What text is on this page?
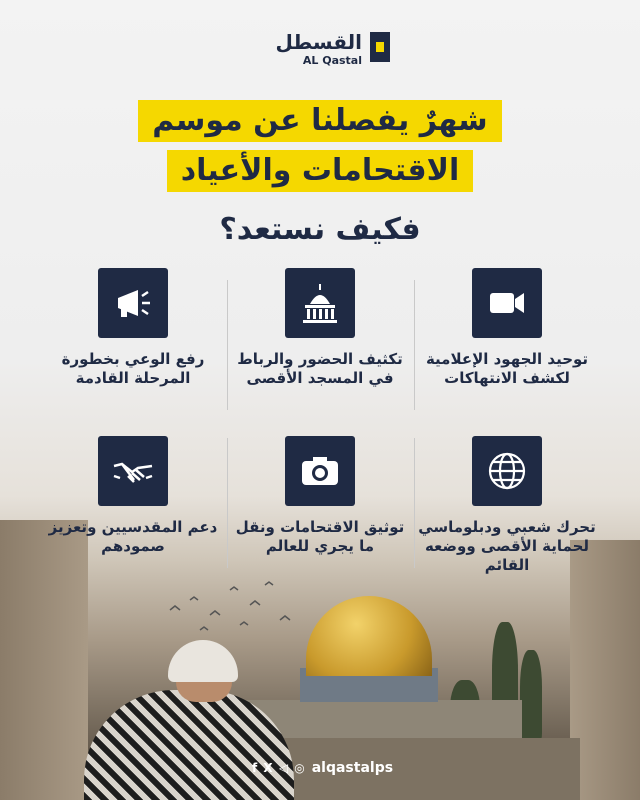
القسطل
AL Qastal
شهرٌ يفصلنا عن موسم
الاقتحامات والأعياد
فكيف نستعد؟
توحيد الجهود الإعلامية لكشف الانتهاكات
تكثيف الحضور والرباط في المسجد الأقصى
رفع الوعي بخطورة المرحلة القادمة
تحرك شعبي ودبلوماسي لحماية الأقصى ووضعه القائم
توثيق الاقتحامات ونقل ما يجري للعالم
دعم المقدسيين وتعزيز صمودهم
f X ◁ ◎ alqastalps
